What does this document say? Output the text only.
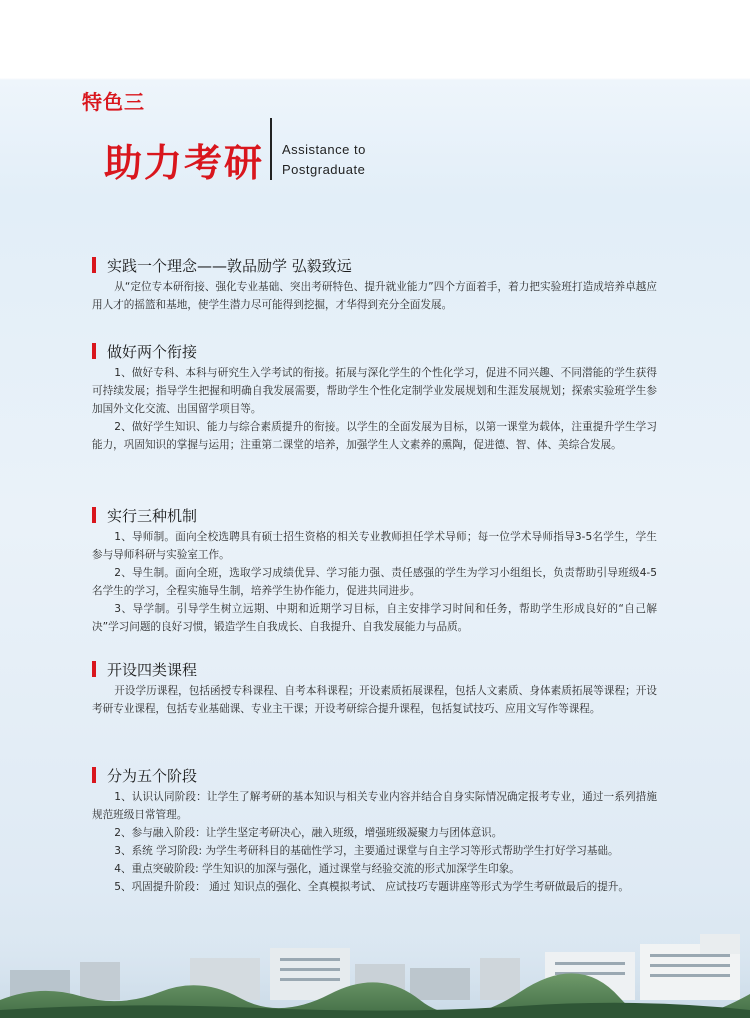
特色三
助力考研 Assistance to
Postgraduate
实践一个理念——敦品励学 弘毅致远

从“定位专本研衔接、强化专业基础、突出考研特色、提升就业能力”四个方面着手，着力把实验班打造成培养卓越应用人才的摇篮和基地，使学生潜力尽可能得到挖掘，才华得到充分全面发展。

做好两个衔接

1、做好专科、本科与研究生入学考试的衔接。拓展与深化学生的个性化学习，促进不同兴趣、不同潜能的学生获得可持续发展；指导学生把握和明确自我发展需要，帮助学生个性化定制学业发展规划和生涯发展规划；探索实验班学生参加国外文化交流、出国留学项目等。

2、做好学生知识、能力与综合素质提升的衔接。以学生的全面发展为目标，以第一课堂为载体，注重提升学生学习能力，巩固知识的掌握与运用；注重第二课堂的培养，加强学生人文素养的熏陶，促进德、智、体、美综合发展。

实行三种机制

1、导师制。面向全校选聘具有硕士招生资格的相关专业教师担任学术导师；每一位学术导师指导3-5名学生，学生参与导师科研与实验室工作。

2、导生制。面向全班，选取学习成绩优异、学习能力强、责任感强的学生为学习小组组长，负责帮助引导班级4-5名学生的学习，全程实施导生制，培养学生协作能力，促进共同进步。

3、导学制。引导学生树立远期、中期和近期学习目标，自主安排学习时间和任务，帮助学生形成良好的“自己解决”学习问题的良好习惯，锻造学生自我成长、自我提升、自我发展能力与品质。

开设四类课程

开设学历课程，包括函授专科课程、自考本科课程；开设素质拓展课程，包括人文素质、身体素质拓展等课程；开设考研专业课程，包括专业基础课、专业主干课；开设考研综合提升课程，包括复试技巧、应用文写作等课程。

分为五个阶段

1、认识认同阶段：让学生了解考研的基本知识与相关专业内容并结合自身实际情况确定报考专业，通过一系列措施规范班级日常管理。

2、参与融入阶段：让学生坚定考研决心，融入班级，增强班级凝聚力与团体意识。

3、系统 学习阶段: 为学生考研科目的基础性学习，主要通过课堂与自主学习等形式帮助学生打好学习基础。

4、重点突破阶段: 学生知识的加深与强化，通过课堂与经验交流的形式加深学生印象。

5、巩固提升阶段： 通过 知识点的强化、全真模拟考试、 应试技巧专题讲座等形式为学生考研做最后的提升。
